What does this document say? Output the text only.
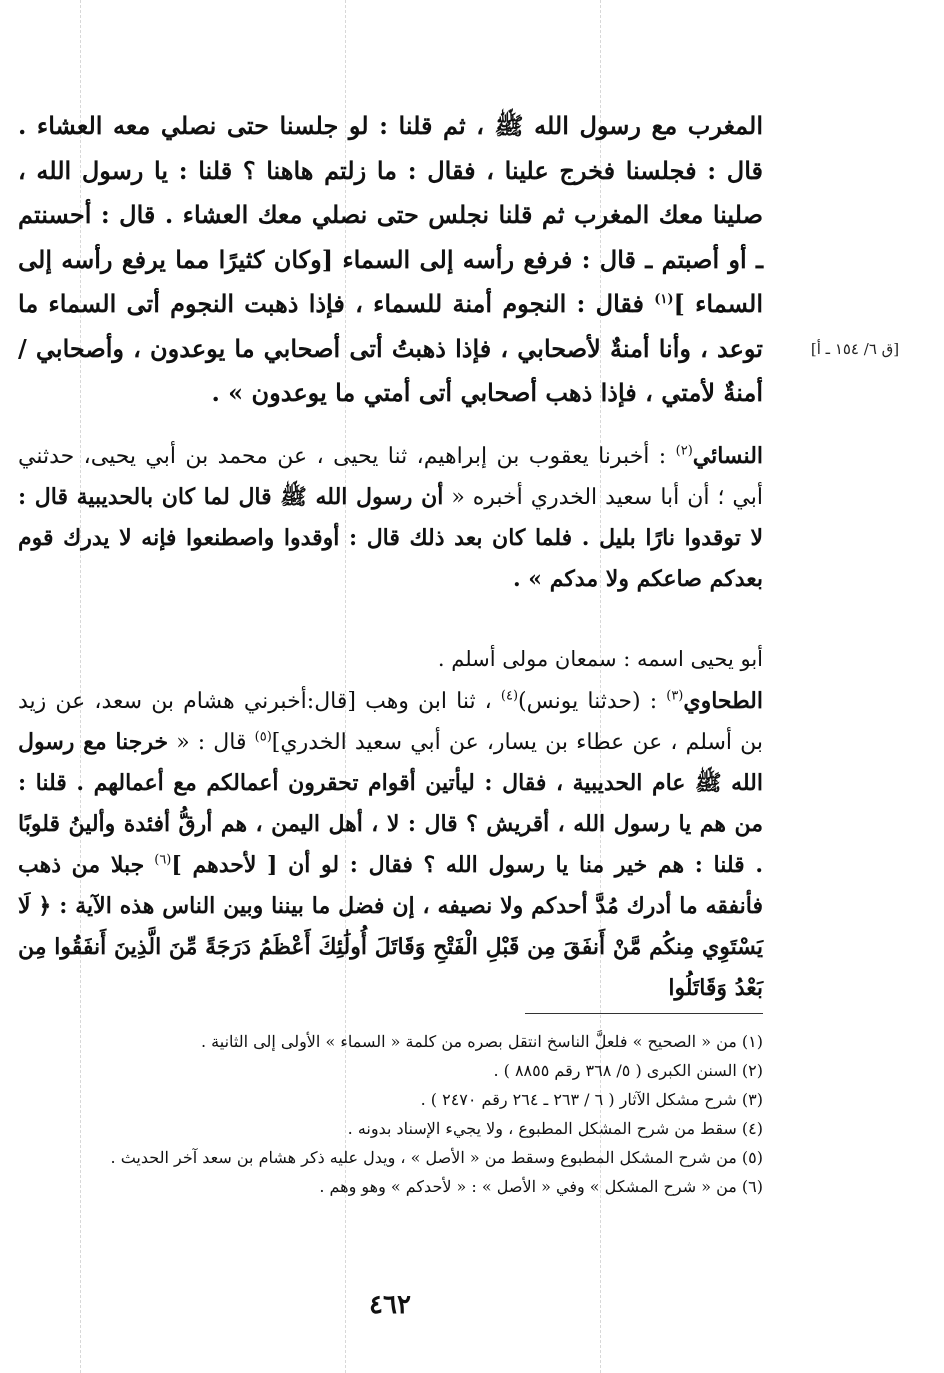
المغرب مع رسول الله ﷺ ، ثم قلنا : لو جلسنا حتى نصلي معه العشاء . قال : فجلسنا فخرج علينا ، فقال : ما زلتم هاهنا ؟ قلنا : يا رسول الله ، صلينا معك المغرب ثم قلنا نجلس حتى نصلي معك العشاء . قال : أحسنتم ـ أو أصبتم ـ قال : فرفع رأسه إلى السماء [وكان كثيرًا مما يرفع رأسه إلى السماء ]$^{(١)}$ فقال : النجوم أمنة للسماء ، فإذا ذهبت النجوم أتى السماء ما توعد ، وأنا أمنةٌ لأصحابي ، فإذا ذهبتُ أتى أصحابي ما يوعدون ، وأصحابي / أمنةٌ لأمتي ، فإذا ذهب أصحابي أتى أمتي ما يوعدون » .
[ق ٦/ ١٥٤ ـ أ]
النسائي$^{(٢)}$ : أخبرنا يعقوب بن إبراهيم، ثنا يحيى ، عن محمد بن أبي يحيى، حدثني أبي ؛ أن أبا سعيد الخدري أخبره « أن رسول الله ﷺ قال لما كان بالحديبية قال : لا توقدوا نارًا بليل . فلما كان بعد ذلك قال : أوقدوا واصطنعوا فإنه لا يدرك قوم بعدكم صاعكم ولا مدكم » .
أبو يحيى اسمه : سمعان مولى أسلم .
الطحاوي$^{(٣)}$ : (حدثنا يونس)$^{(٤)}$ ، ثنا ابن وهب [قال:أخبرني هشام بن سعد، عن زيد بن أسلم ، عن عطاء بن يسار، عن أبي سعيد الخدري]$^{(٥)}$ قال : « خرجنا مع رسول الله ﷺ عام الحديبية ، فقال : ليأتين أقوام تحقرون أعمالكم مع أعمالهم . قلنا : من هم يا رسول الله ، أقريش ؟ قال : لا ، أهل اليمن ، هم أرقُّ أفئدة وألينُ قلوبًا . قلنا : هم خير منا يا رسول الله ؟ فقال : لو أن [ لأحدهم ]$^{(٦)}$ جبلا من ذهب فأنفقه ما أدرك مُدَّ أحدكم ولا نصيفه ، إن فضل ما بيننا وبين الناس هذه الآية : ﴿ لَا يَسْتَوِي مِنكُم مَّنْ أَنفَقَ مِن قَبْلِ الْفَتْحِ وَقَاتَلَ أُولَٰئِكَ أَعْظَمُ دَرَجَةً مِّنَ الَّذِينَ أَنفَقُوا مِن بَعْدُ وَقَاتَلُوا
(١) من « الصحيح » فلعلَّ الناسخ انتقل بصره من كلمة « السماء » الأولى إلى الثانية .
(٢) السنن الكبرى ( ٥/ ٣٦٨ رقم ٨٨٥٥ ) .
(٣) شرح مشكل الآثار ( ٦ / ٢٦٣ ـ ٢٦٤ رقم ٢٤٧٠ ) .
(٤) سقط من شرح المشكل المطبوع ، ولا يجيء الإسناد بدونه .
(٥) من شرح المشكل المطبوع وسقط من « الأصل » ، ويدل عليه ذكر هشام بن سعد آخر الحديث .
(٦) من « شرح المشكل » وفي « الأصل » : « لأحدكم » وهو وهم .
٤٦٢
